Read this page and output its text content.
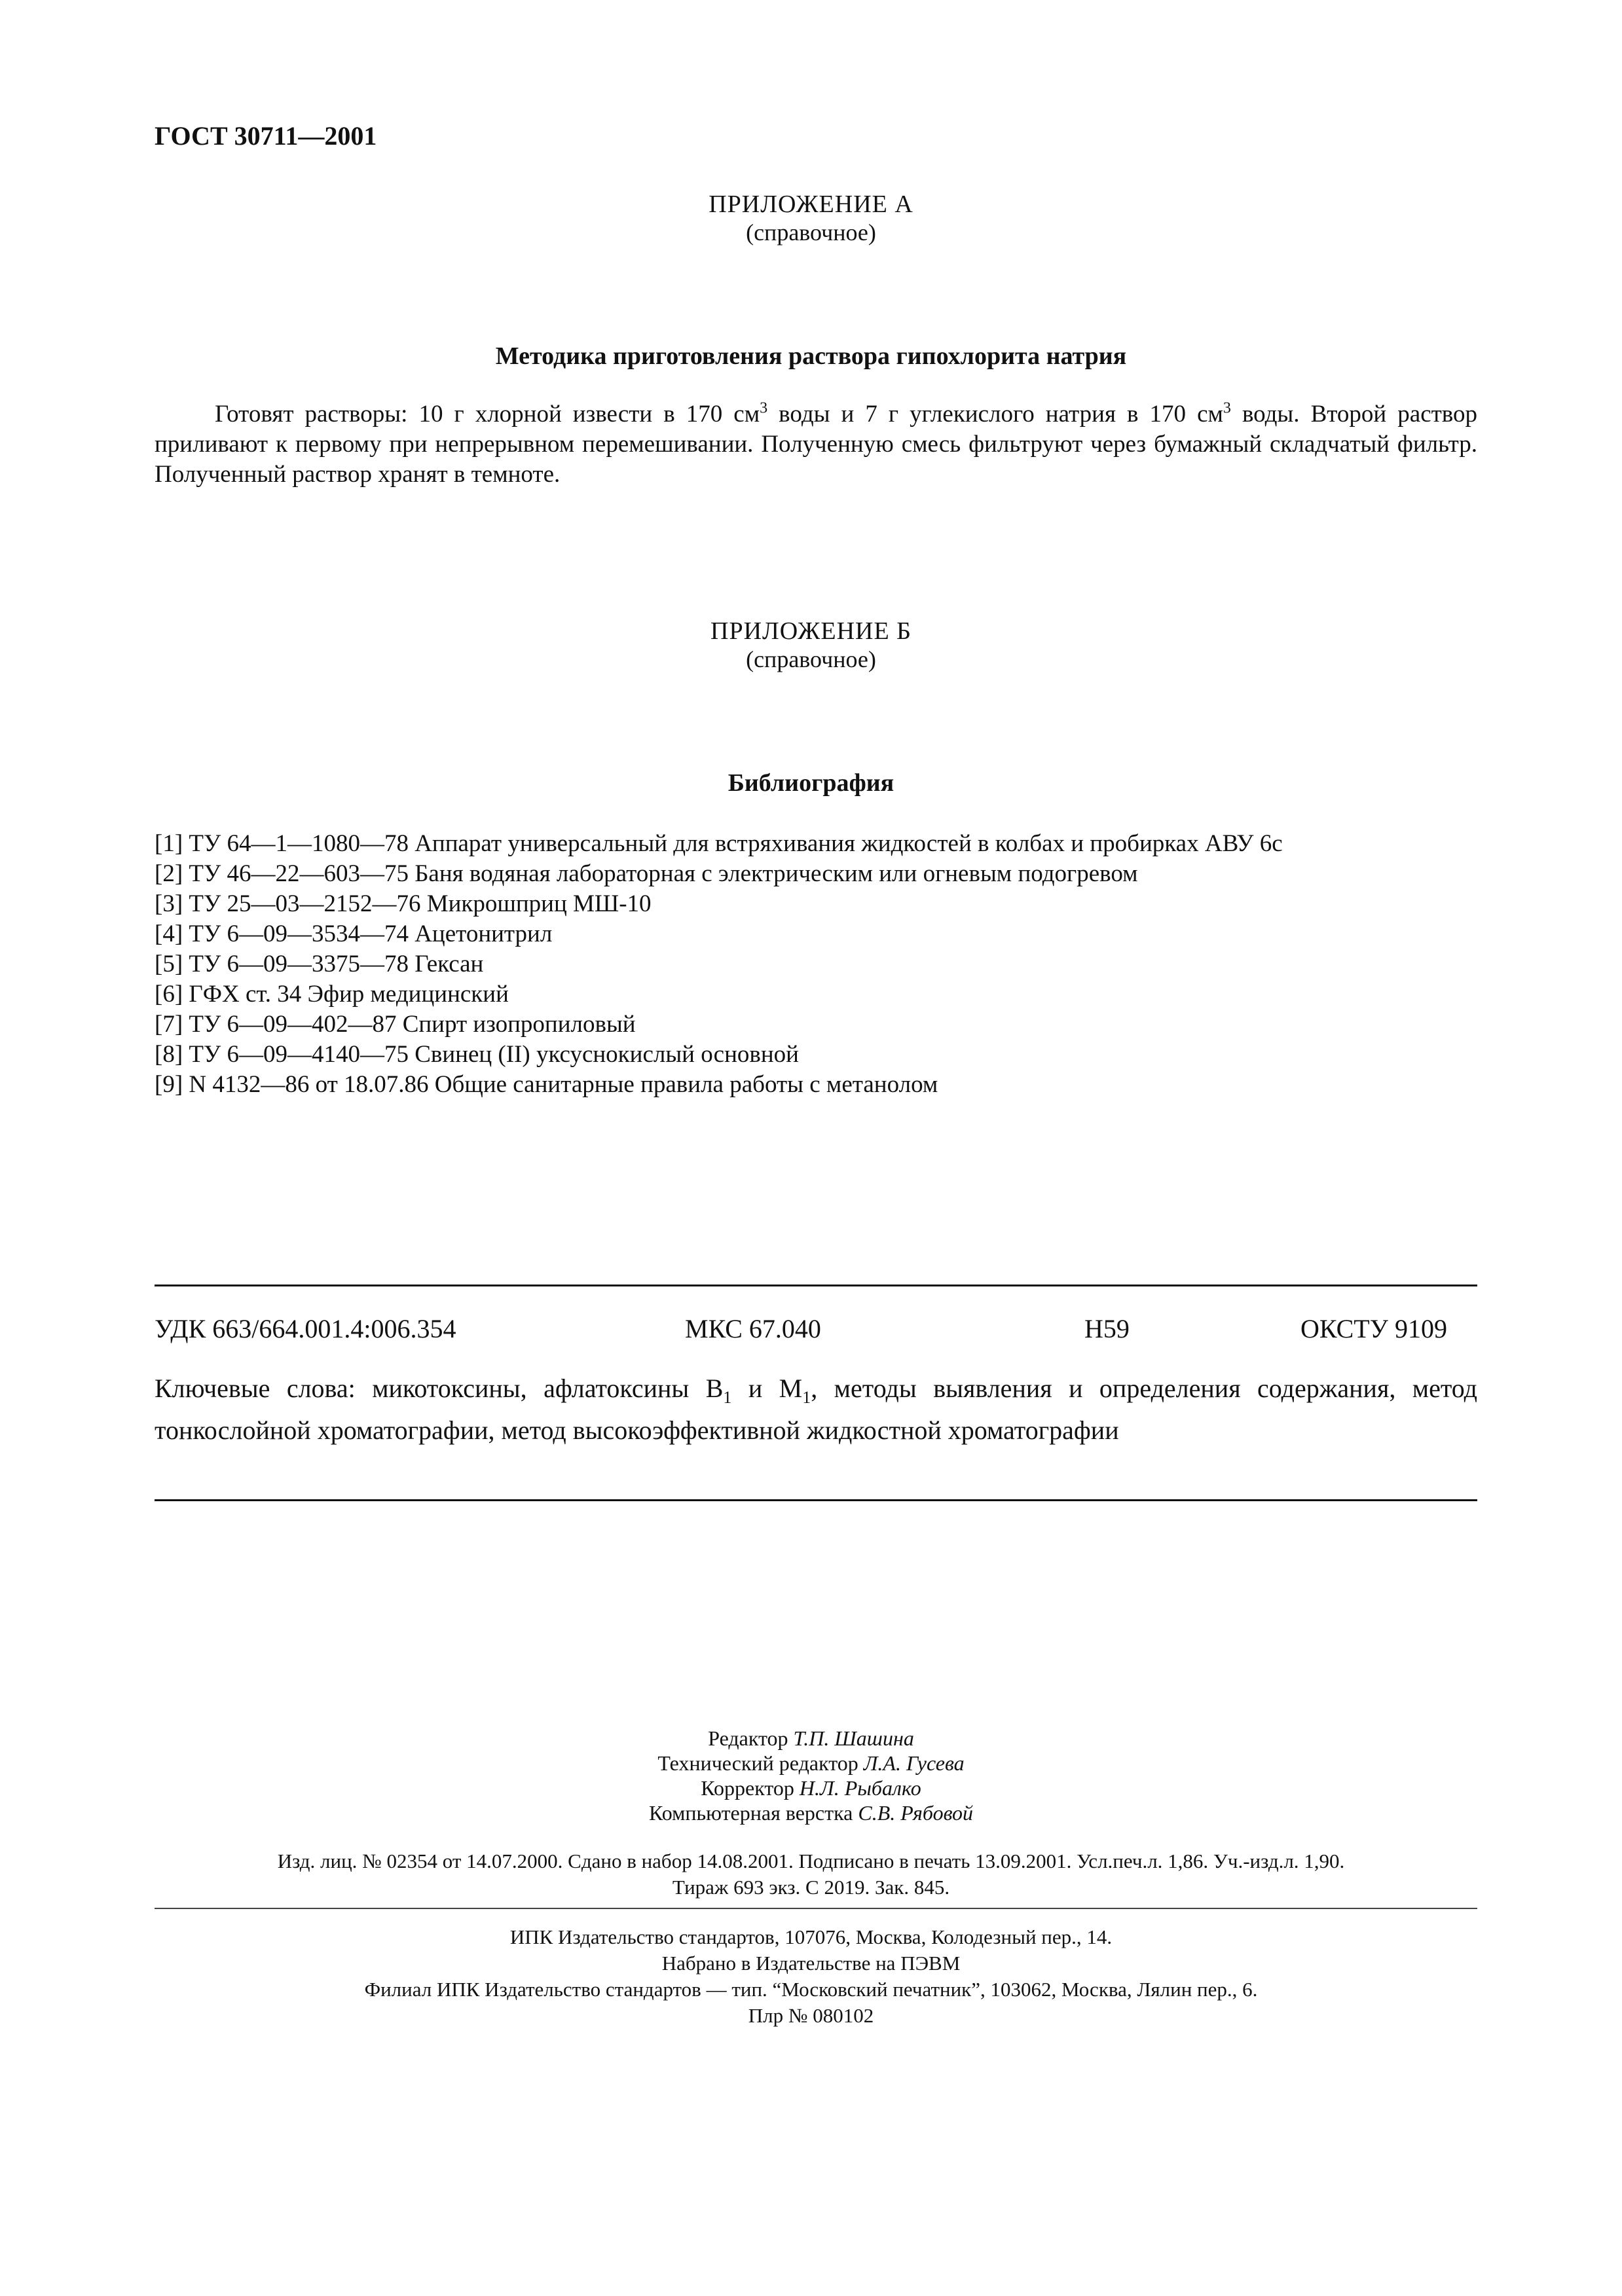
ГОСТ 30711—2001
ПРИЛОЖЕНИЕ А
(справочное)
Методика приготовления раствора гипохлорита натрия
Готовят растворы: 10 г хлорной извести в 170 $см^3$ воды и 7 г углекислого натрия в 170 $см^3$ воды. Второй раствор приливают к первому при непрерывном перемешивании. Полученную смесь фильтруют через бумажный складчатый фильтр. Полученный раствор хранят в темноте.
ПРИЛОЖЕНИЕ Б
(справочное)
Библиография
[1] ТУ 64—1—1080—78 Аппарат универсальный для встряхивания жидкостей в колбах и пробирках АВУ 6с
[2] ТУ 46—22—603—75 Баня водяная лабораторная с электрическим или огневым подогревом
[3] ТУ 25—03—2152—76 Микрошприц МШ-10
[4] ТУ 6—09—3534—74 Ацетонитрил
[5] ТУ 6—09—3375—78 Гексан
[6] ГФХ ст. 34 Эфир медицинский
[7] ТУ 6—09—402—87 Спирт изопропиловый
[8] ТУ 6—09—4140—75 Свинец (II) уксуснокислый основной
[9] N 4132—86 от 18.07.86 Общие санитарные правила работы с метанолом
УДК 663/664.001.4:006.354	МКС 67.040	H59	ОКСТУ 9109
Ключевые слова: микотоксины, афлатоксины $B_1$ и $M_1$, методы выявления и определения содержания, метод тонкослойной хроматографии, метод высокоэффективной жидкостной хроматографии
Редактор Т.П. Шашина
Технический редактор Л.А. Гусева
Корректор Н.Л. Рыбалко
Компьютерная верстка С.В. Рябовой
Изд. лиц. № 02354 от 14.07.2000. Сдано в набор 14.08.2001. Подписано в печать 13.09.2001. Усл.печ.л. 1,86. Уч.-изд.л. 1,90.
Тираж 693 экз. С 2019. Зак. 845.
ИПК Издательство стандартов, 107076, Москва, Колодезный пер., 14.
Набрано в Издательстве на ПЭВМ
Филиал ИПК Издательство стандартов — тип. “Московский печатник”, 103062, Москва, Лялин пер., 6.
Плр № 080102
